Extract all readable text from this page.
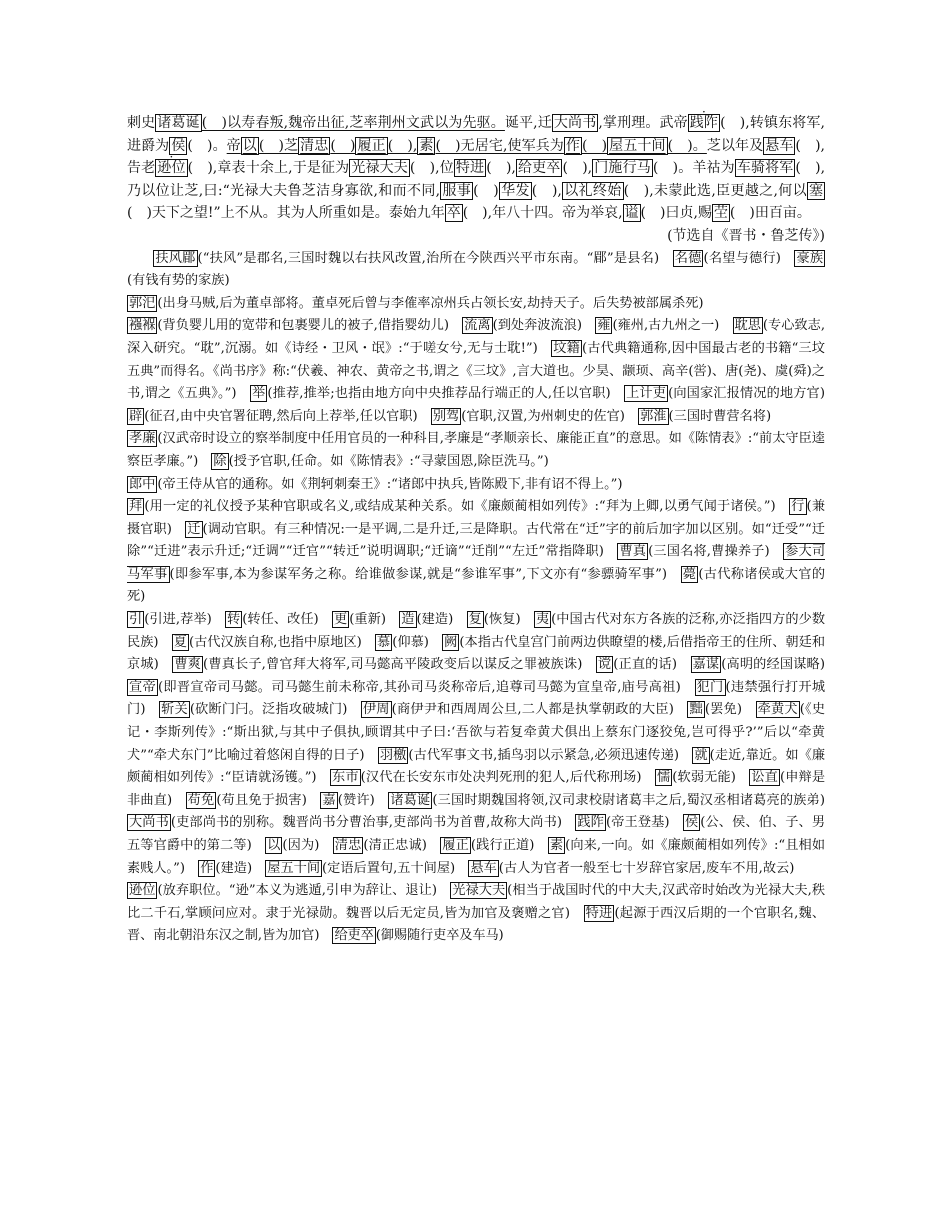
刺史 诸葛诞 (　)以寿春叛,魏帝出征,芝率荆州文武以为先驱。诞平,迁 大尚书 ,掌刑理。武帝 践阼 (　),转镇东将军,进爵为 侯 (　)。帝 以 (　)芝 清忠 (　) 履正 (　), 素 (　)无居宅,使军兵为 作 (　) 屋五十间 (　)。芝以年及 悬车 (　),告老 逊位 (　),章表十余上,于是征为 光禄大夫 (　),位 特进 (　), 给吏卒 (　), 门施行马 (　)。羊祜为 车骑将军 (　),乃以位让芝,曰:“光禄大夫鲁芝洁身寡欲,和而不同, 服事 (　) 华发 (　), 以礼终始 (　),未蒙此选,臣更越之,何以 塞(　)天下之望!”上不从。其为人所重如是。泰始九年 卒 (　),年八十四。帝为举哀, 谥 (　)曰贞,赐 茔 (　)田百亩。

(节选自《晋书・鲁芝传》)

扶风郿 (“扶风”是郡名,三国时魏以右扶风改置,治所在今陕西兴平市东南。“郿”是县名)　名德 (名望与德行)　豪族(有钱有势的家族)

郭汜 (出身马贼,后为董卓部将。董卓死后曾与李傕率凉州兵占领长安,劫持天子。后失势被部属杀死)

襁褓 (背负婴儿用的宽带和包裹婴儿的被子,借指婴幼儿)　流离 (到处奔波流浪)　雍 (雍州,古九州之一)　耽思 (专心致志,深入研究。“耽”,沉溺。如《诗经・卫风・氓》:“于嗟女兮,无与士耽!”)　坟籍 (古代典籍通称,因中国最古老的书籍“三坟五典”而得名。《尚书序》称:“伏羲、神农、黄帝之书,谓之《三坟》,言大道也。少昊、颛顼、高辛(喾)、唐(尧)、虞(舜)之书,谓之《五典》。”)　举 (推荐,推举;也指由地方向中央推荐品行端正的人,任以官职)　上计吏 (向国家汇报情况的地方官)　辟 (征召,由中央官署征聘,然后向上荐举,任以官职)　别驾 (官职,汉置,为州刺史的佐官)　郭淮 (三国时曹营名将)

孝廉 (汉武帝时设立的察举制度中任用官员的一种科目,孝廉是“孝顺亲长、廉能正直”的意思。如《陈情表》:“前太守臣逵察臣孝廉。”)　除 (授予官职,任命。如《陈情表》:“寻蒙国恩,除臣洗马。”)

郎中 (帝王侍从官的通称。如《荆轲刺秦王》:“诸郎中执兵,皆陈殿下,非有诏不得上。”)

拜 (用一定的礼仪授予某种官职或名义,或结成某种关系。如《廉颇蔺相如列传》:“拜为上卿,以勇气闻于诸侯。”)　行 (兼摄官职)　迁 (调动官职。有三种情况:一是平调,二是升迁,三是降职。古代常在“迁”字的前后加字加以区别。如“迁受”“迁除”“迁进”表示升迁;“迁调”“迁官”“转迁”说明调职;“迁谪”“迁削”“左迁”常指降职)　曹真 (三国名将,曹操养子)　参大司马军事 (即参军事,本为参谋军务之称。给谁做参谋,就是“参谁军事”,下文亦有“参骠骑军事”)　薨 (古代称诸侯或大官的死)

引 (引进,荐举)　转 (转任、改任)　更 (重新)　造 (建造)　复 (恢复)　夷 (中国古代对东方各族的泛称,亦泛指四方的少数民族)　夏 (古代汉族自称,也指中原地区)　慕 (仰慕)　阙 (本指古代皇宫门前两边供瞭望的楼,后借指帝王的住所、朝廷和京城)　曹爽 (曹真长子,曾官拜大将军,司马懿高平陵政变后以谋反之罪被族诛)　谠 (正直的话)　嘉谋 (高明的经国谋略)　宣帝 (即晋宣帝司马懿。司马懿生前未称帝,其孙司马炎称帝后,追尊司马懿为宣皇帝,庙号高祖)　犯门 (违禁强行打开城门)　斩关 (砍断门闩。泛指攻破城门)　伊周 (商伊尹和西周周公旦,二人都是执掌朝政的大臣)　黜 (罢免)　牵黄犬 (《史记・李斯列传》:“斯出狱,与其中子俱执,顾谓其中子曰:‘吾欲与若复牵黄犬俱出上蔡东门逐狡兔,岂可得乎?’”后以“牵黄犬”“牵犬东门”比喻过着悠闲自得的日子)　羽檄 (古代军事文书,插鸟羽以示紧急,必须迅速传递)　就 (走近,靠近。如《廉颇蔺相如列传》:“臣请就汤镬。”)　东市 (汉代在长安东市处决判死刑的犯人,后代称刑场)　懦 (软弱无能)　讼直 (申辩是非曲直)　苟免 (苟且免于损害)　嘉 (赞许)　诸葛诞 (三国时期魏国将领,汉司隶校尉诸葛丰之后,蜀汉丞相诸葛亮的族弟)　大尚书 (吏部尚书的别称。魏晋尚书分曹治事,吏部尚书为首曹,故称大尚书)　践阼 (帝王登基)　侯 (公、侯、伯、子、男五等官爵中的第二等)　以 (因为)　清忠 (清正忠诚)　履正 (践行正道)　素 (向来,一向。如《廉颇蔺相如列传》:“且相如素贱人。”)　作 (建造)　屋五十间 (定语后置句,五十间屋)　悬车 (古人为官者一般至七十岁辞官家居,废车不用,故云)

逊位 (放弃职位。“逊”本义为逃遁,引申为辞让、退让)　光禄大夫 (相当于战国时代的中大夫,汉武帝时始改为光禄大夫,秩比二千石,掌顾问应对。隶于光禄勋。魏晋以后无定员,皆为加官及褒赠之官)　特进 (起源于西汉后期的一个官职名,魏、晋、南北朝沿东汉之制,皆为加官)　给吏卒 (御赐随行吏卒及车马)
